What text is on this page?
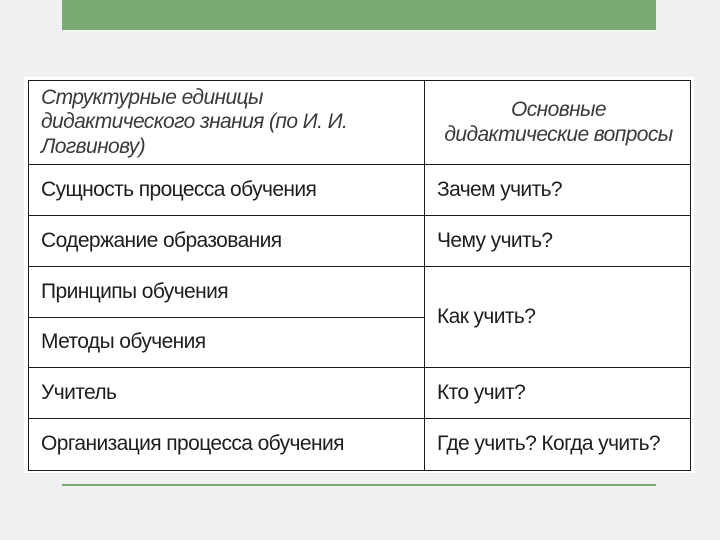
Структурные единицы дидактического знания (по И. И. Логвинову)	Основные дидактические вопросы
Сущность процесса обучения	Зачем учить?
Содержание образования	Чему учить?
Принципы обучения	Как учить?
Методы обучения	
Учитель	Кто учит?
Организация процесса обучения	Где учить? Когда учить?
